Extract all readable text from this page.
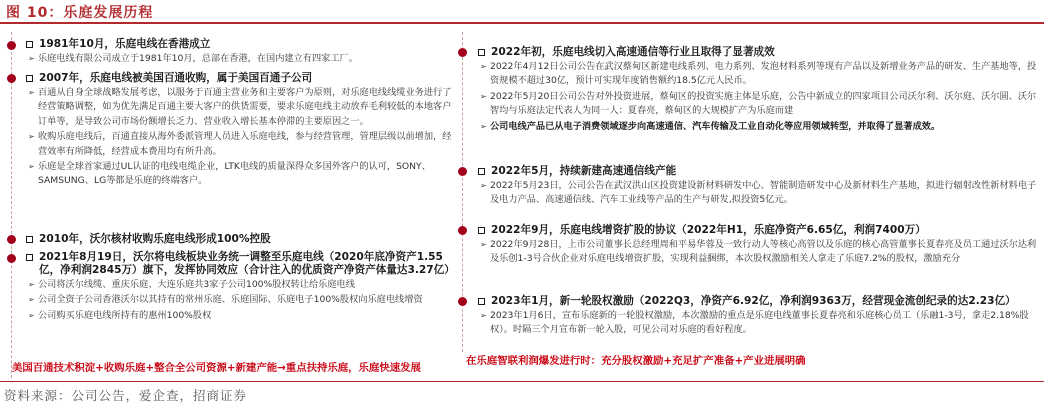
图 10：乐庭发展历程
1981年10月，乐庭电线在香港成立
➢ 乐庭电线有限公司成立于1981年10月，总部在香港，在国内建立有四家工厂。
2007年，乐庭电线被美国百通收购，属于美国百通子公司
➢ 百通从自身全球战略发展考虑，以服务于百通主营业务和主要客户为原则，对乐庭电线线缆业务进行了经营策略调整，如为优先满足百通主要大客户的供货需要，要求乐庭电线主动放弃毛利较低的本地客户订单等，是导致公司市场份额增长乏力、营业收入增长基本停滞的主要原因之一。
➢ 收购乐庭电线后，百通直接从海外委派管理人员进入乐庭电线，参与经营管理，管理层级以前增加，经营效率有所降低，经营成本费用均有所升高。
➢ 乐庭是全球首家通过UL认证的电线电缆企业，LTK电线的质量深得众多国外客户的认可，SONY、SAMSUNG、LG等都是乐庭的终端客户。
2010年，沃尔核材收购乐庭电线形成100%控股
2021年8月19日，沃尔将电线板块业务统一调整至乐庭电线（2020年底净资产1.55亿，净利润2845万）旗下，发挥协同效应（合计注入的优质资产净资产体量达3.27亿）
➢ 公司将沃尔线缆、重庆乐庭、大连乐庭共3家子公司100%股权转让给乐庭电线
➢ 公司全资子公司香港沃尔以其持有的常州乐庭、乐庭国际、乐庭电子100%股权向乐庭电线增资
➢ 公司购买乐庭电线所持有的惠州100%股权
美国百通技术积淀+收购乐庭+整合全公司资源+新建产能→重点扶持乐庭，乐庭快速发展
2022年初，乐庭电线切入高速通信等行业且取得了显著成效
➢ 2022年4月12日公司公告在武汉蔡甸区新建电线系列、电力系列、发泡材料系列等现有产品以及新增业务产品的研发、生产基地等，投资规模不超过30亿，预计可实现年度销售额约18.5亿元人民币。
➢ 2022年5月20日公司公告对外投资进展，蔡甸区的投资实施主体是乐庭，公告中新成立的四家项目公司沃尔利、沃尔庭、沃尔圆、沃尔智均与乐庭法定代表人为同一人：夏春亮，蔡甸区的大规模扩产为乐庭而建
➢ 公司电线产品已从电子消费领域逐步向高速通信、汽车传输及工业自动化等应用领域转型，并取得了显著成效。
2022年5月，持续新建高速通信线产能
➢ 2022年5月23日，公司公告在武汉洪山区投资建设新材料研发中心、智能制造研发中心及新材料生产基地，拟进行辐射改性新材料电子及电力产品、高速通信线、汽车工业线等产品的生产与研发,拟投资5亿元。
2022年9月，乐庭电线增资扩股的协议（2022年H1，乐庭净资产6.65亿，利润7400万）
➢ 2022年9月28日，上市公司董事长总经理周和平易华蓉及一致行动人等核心高管以及乐庭的核心高管董事长夏春亮及员工通过沃尔达利及乐创1-3号合伙企业对乐庭电线增资扩股，实现利益捆绑，本次股权激励相关人拿走了乐庭7.2%的股权，激励充分
2023年1月，新一轮股权激励（2022Q3，净资产6.92亿，净利润9363万，经营现金流创纪录的达2.23亿）
➢ 2023年1月6日，宣布乐庭新的一轮股权激励，本次激励的重点是乐庭电线董事长夏春亮和乐庭核心员工（乐融1-3号，拿走2.18%股权）。时隔三个月宣布新一轮入股，可见公司对乐庭的看好程度。
在乐庭智联利润爆发进行时：充分股权激励+充足扩产准备+产业进展明确
资料来源：公司公告，爱企查，招商证券
